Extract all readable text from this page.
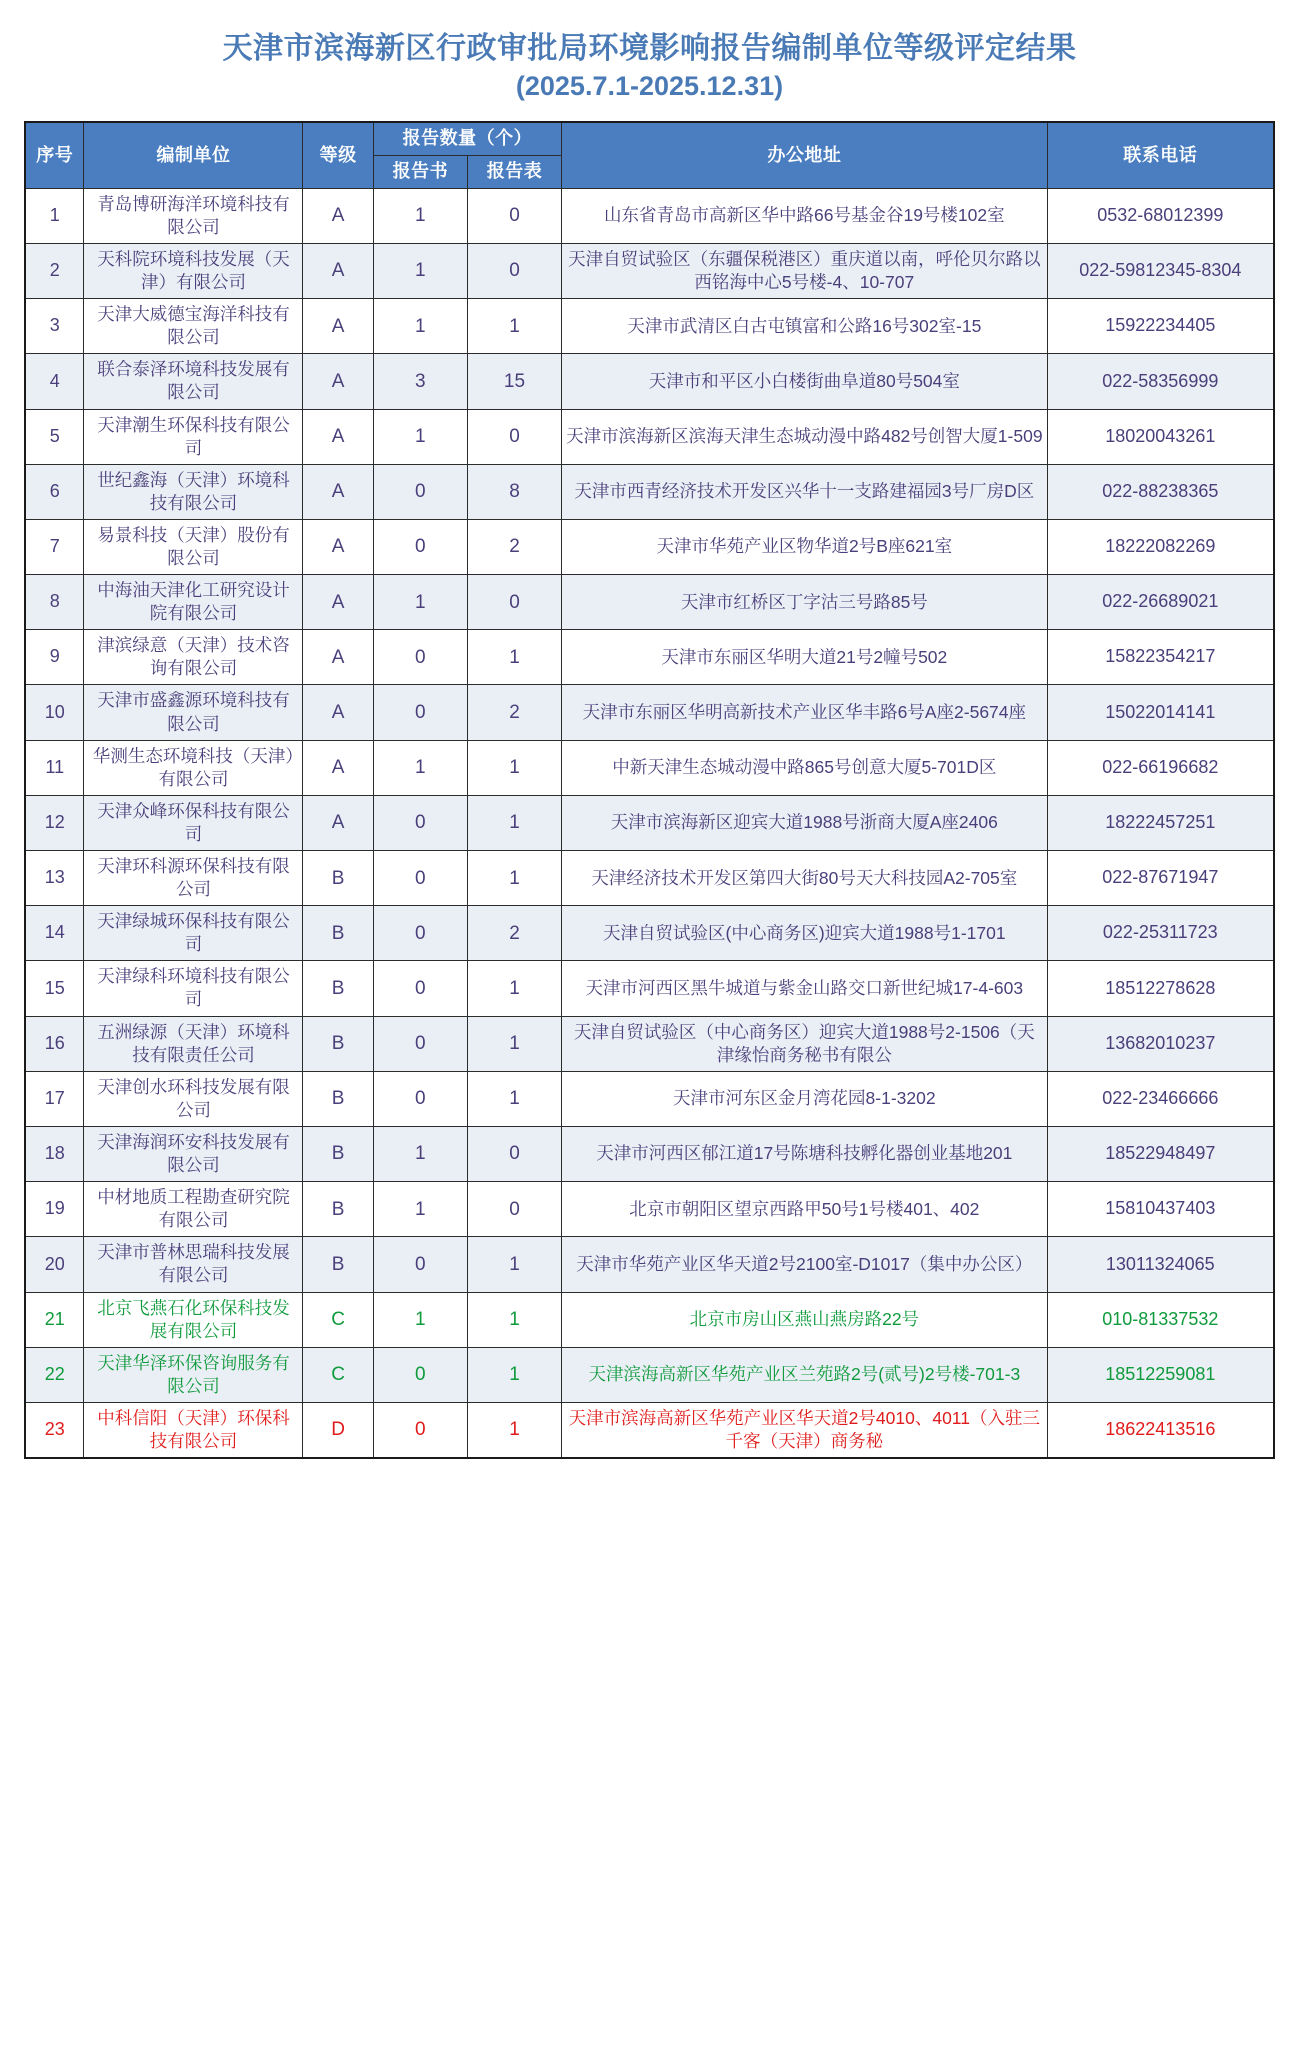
天津市滨海新区行政审批局环境影响报告编制单位等级评定结果
(2025.7.1-2025.12.31)
序号	编制单位	等级	报告数量（个）		办公地址	联系电话
			报告书	报告表		
1	青岛博研海洋环境科技有限公司	A	1	0	山东省青岛市高新区华中路66号基金谷19号楼102室	0532-68012399
2	天科院环境科技发展（天津）有限公司	A	1	0	天津自贸试验区（东疆保税港区）重庆道以南，呼伦贝尔路以西铭海中心5号楼-4、10-707	022-59812345-8304
3	天津大威德宝海洋科技有限公司	A	1	1	天津市武清区白古屯镇富和公路16号302室-15	15922234405
4	联合泰泽环境科技发展有限公司	A	3	15	天津市和平区小白楼街曲阜道80号504室	022-58356999
5	天津潮生环保科技有限公司	A	1	0	天津市滨海新区滨海天津生态城动漫中路482号创智大厦1-509	18020043261
6	世纪鑫海（天津）环境科技有限公司	A	0	8	天津市西青经济技术开发区兴华十一支路建福园3号厂房D区	022-88238365
7	易景科技（天津）股份有限公司	A	0	2	天津市华苑产业区物华道2号B座621室	18222082269
8	中海油天津化工研究设计院有限公司	A	1	0	天津市红桥区丁字沽三号路85号	022-26689021
9	津滨绿意（天津）技术咨询有限公司	A	0	1	天津市东丽区华明大道21号2幢号502	15822354217
10	天津市盛鑫源环境科技有限公司	A	0	2	天津市东丽区华明高新技术产业区华丰路6号A座2-5674座	15022014141
11	华测生态环境科技（天津）有限公司	A	1	1	中新天津生态城动漫中路865号创意大厦5-701D区	022-66196682
12	天津众峰环保科技有限公司	A	0	1	天津市滨海新区迎宾大道1988号浙商大厦A座2406	18222457251
13	天津环科源环保科技有限公司	B	0	1	天津经济技术开发区第四大街80号天大科技园A2-705室	022-87671947
14	天津绿城环保科技有限公司	B	0	2	天津自贸试验区(中心商务区)迎宾大道1988号1-1701	022-25311723
15	天津绿科环境科技有限公司	B	0	1	天津市河西区黑牛城道与紫金山路交口新世纪城17-4-603	18512278628
16	五洲绿源（天津）环境科技有限责任公司	B	0	1	天津自贸试验区（中心商务区）迎宾大道1988号2-1506（天津缘怡商务秘书有限公	13682010237
17	天津创水环科技发展有限公司	B	0	1	天津市河东区金月湾花园8-1-3202	022-23466666
18	天津海润环安科技发展有限公司	B	1	0	天津市河西区郁江道17号陈塘科技孵化器创业基地201	18522948497
19	中材地质工程勘查研究院有限公司	B	1	0	北京市朝阳区望京西路甲50号1号楼401、402	15810437403
20	天津市普林思瑞科技发展有限公司	B	0	1	天津市华苑产业区华天道2号2100室-D1017（集中办公区）	13011324065
21	北京飞燕石化环保科技发展有限公司	C	1	1	北京市房山区燕山燕房路22号	010-81337532
22	天津华泽环保咨询服务有限公司	C	0	1	天津滨海高新区华苑产业区兰苑路2号(贰号)2号楼-701-3	18512259081
23	中科信阳（天津）环保科技有限公司	D	0	1	天津市滨海高新区华苑产业区华天道2号4010、4011（入驻三千客（天津）商务秘	18622413516
